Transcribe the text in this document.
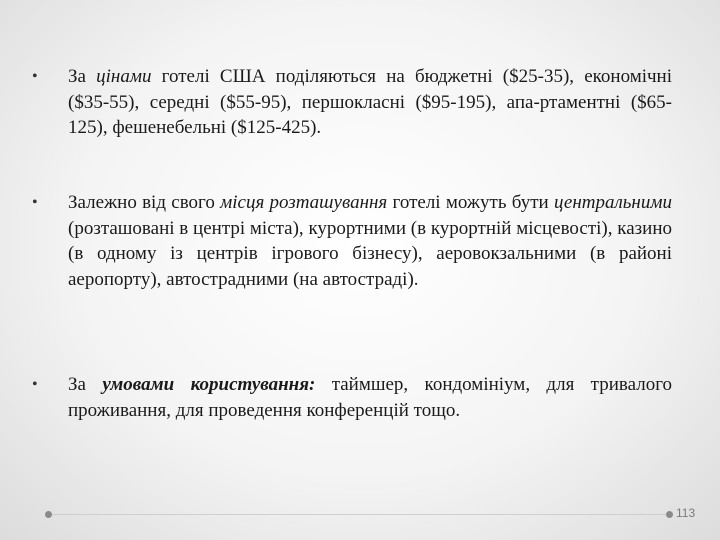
• За цінами готелі США поділяються на бюджетні ($25-35), економічні ($35-55), середні ($55-95), першокласні ($95-195), апа-ртаментні ($65-125), фешенебельні ($125-425).
• Залежно від свого місця розташування готелі можуть бути центральними (розташовані в центрі міста), курортними (в курортній місцевості), казино (в одному із центрів ігрового бізнесу), аеровокзальними (в районі аеропорту), автострадними (на автостраді).
• За умовами користування: таймшер, кондомініум, для тривалого проживання, для проведення конференцій тощо.
113
